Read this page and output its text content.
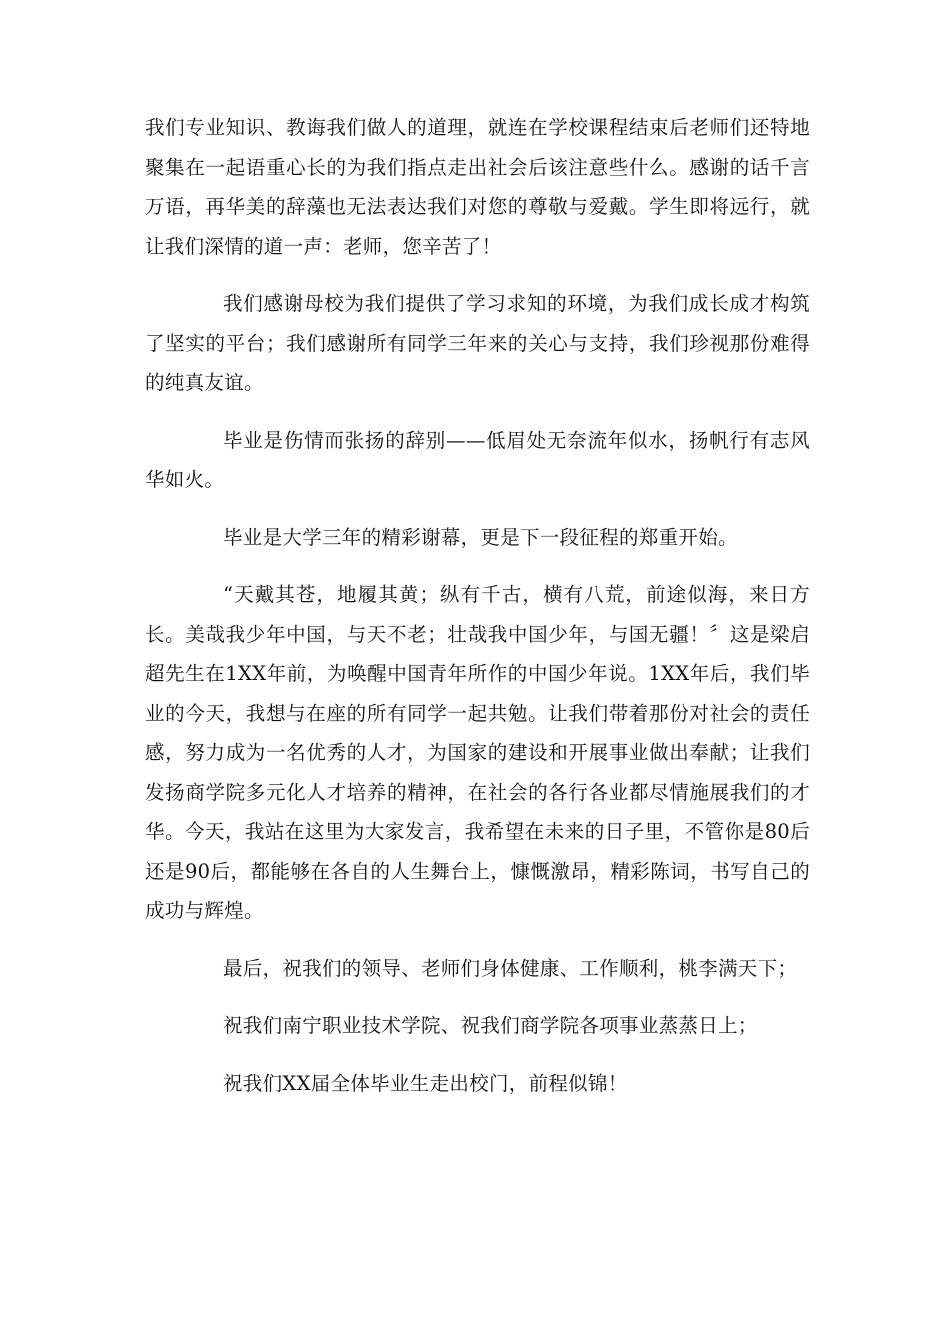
我们专业知识、教诲我们做人的道理，就连在学校课程结束后老师们还特地聚集在一起语重心长的为我们指点走出社会后该注意些什么。感谢的话千言万语，再华美的辞藻也无法表达我们对您的尊敬与爱戴。学生即将远行，就让我们深情的道一声：老师，您辛苦了！

我们感谢母校为我们提供了学习求知的环境，为我们成长成才构筑了坚实的平台；我们感谢所有同学三年来的关心与支持，我们珍视那份难得的纯真友谊。

毕业是伤情而张扬的辞别——低眉处无奈流年似水，扬帆行有志风华如火。

毕业是大学三年的精彩谢幕，更是下一段征程的郑重开始。

“天戴其苍，地履其黄；纵有千古，横有八荒，前途似海，来日方长。美哉我少年中国，与天不老；壮哉我中国少年，与国无疆！〞这是梁启超先生在1XX年前，为唤醒中国青年所作的中国少年说。1XX年后，我们毕业的今天，我想与在座的所有同学一起共勉。让我们带着那份对社会的责任感，努力成为一名优秀的人才，为国家的建设和开展事业做出奉献；让我们发扬商学院多元化人才培养的精神，在社会的各行各业都尽情施展我们的才华。今天，我站在这里为大家发言，我希望在未来的日子里，不管你是80后还是90后，都能够在各自的人生舞台上，慷慨激昂，精彩陈词，书写自己的成功与辉煌。

最后，祝我们的领导、老师们身体健康、工作顺利，桃李满天下；

祝我们南宁职业技术学院、祝我们商学院各项事业蒸蒸日上；

祝我们XX届全体毕业生走出校门，前程似锦！
